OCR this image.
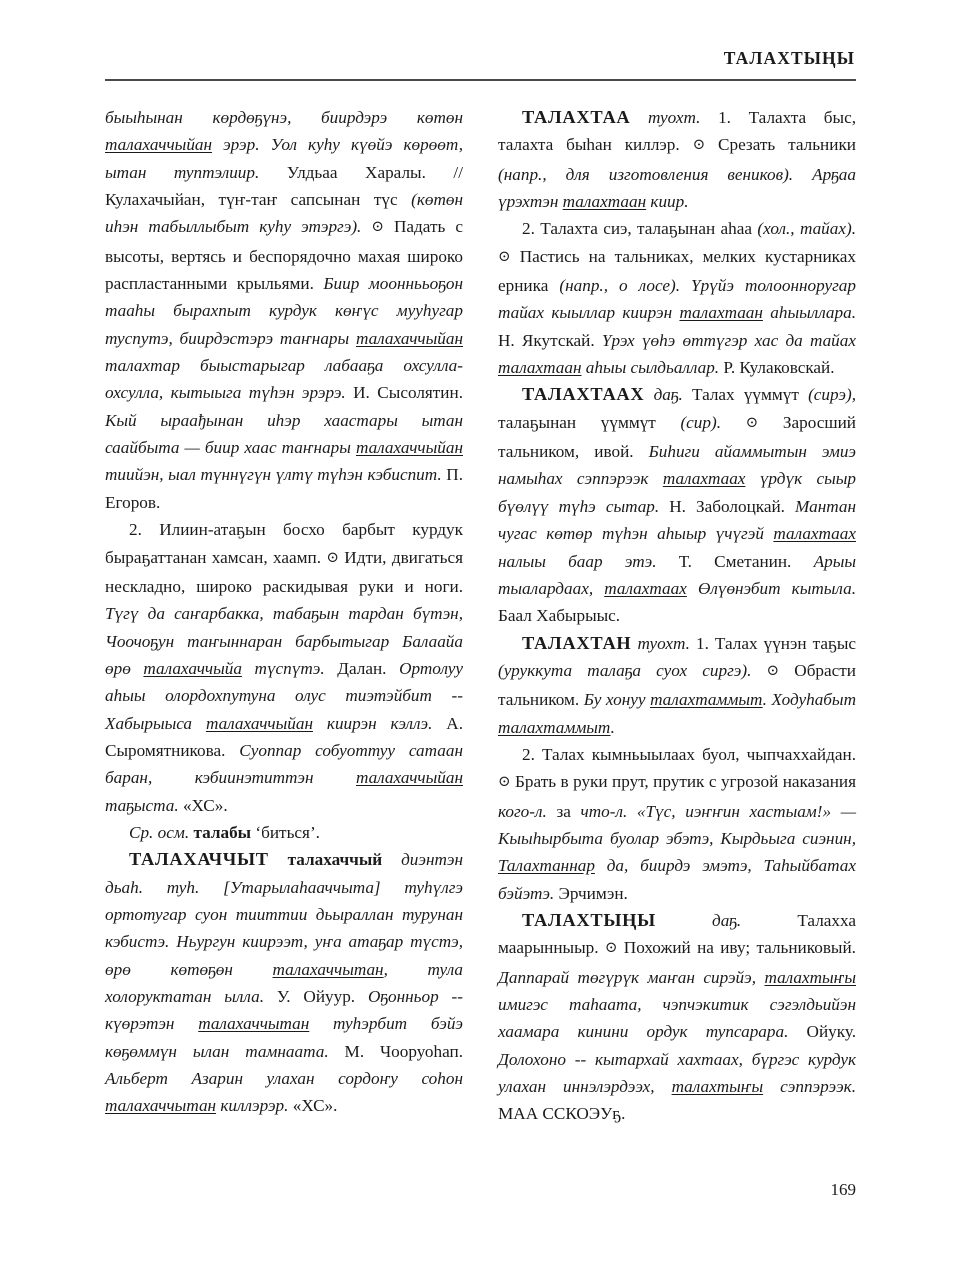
ТАЛАХТЫҢЫ

быыһынан көрдөҕүнэ, биирдэрэ көтөн талахаччыйан эрэр. Уол куһу күөйэ көрөөт, ытан туптэлиир. Улдьаа Харалы. // Кулахачыйан, түҥ-таҥ сапсынан түс (көтөн иһэн табыллыбыт куһу этэргэ). ⊙ Падать с высоты, вертясь и беспорядочно махая широко распластанными крыльями. Биир мооннььоҕон тааһы бырахпыт курдук көҥүс мууһугар туспутэ, биирдэстэрэ таҥнары талахаччыйан талахтар быыстарыгар лабааҕа охсулла-охсулла, кытыыга түһэн эрэрэ. И. Сысолятин. Кый ыраађынан иһэр хаастары ытан саайбыта — биир хаас таҥнары талахаччыйан тиийэн, ыал түннүгүн үлтү түһэн кэбиспит. П. Егоров.

2. Илиин-атаҕын босхо барбыт курдук быраҕаттанан хамсан, хаамп. ⊙ Идти, двигаться нескладно, широко раскидывая руки и ноги. Түгү да саҥарбакка, табаҕын тардан бүтэн, Чоочоҕун таҥыннаран барбытыгар Балаайа өрө талахаччыйа түспүтэ. Далан. Ортолуу аһыы олордохпутуна олус тиэтэйбит -- Хабырыыса талахаччыйан киирэн кэллэ. А. Сыромятникова. Суоппар собуоттуу сатаан баран, кэбиинэтиттэн талахаччыйан таҕыста. «ХС».

Ср. осм. талабы ‘биться’.

ТАЛАХАЧЧЫТ талахаччый диэнтэн дьаһ. туһ. [Утарылаһааччыта] туһүлгэ ортотугар суон тииттии дьыраллан турунан кэбистэ. Ньургун киирээт, уҥа атаҕар түстэ, өрө көтөҕөн талахаччытан, тула холоруктатан ылла. У. Ойуур. Оҕонньор -- күөрэтэн талахаччытан туһэрбит бэйэ көҕөммүн ылан тамнаата. М. Чооруоһап. Альберт Азарин улахан сордоҥу соһон талахаччытан киллэрэр. «ХС».

ТАЛАХТАА туохт. 1. Талахта быс, талахта быһан киллэр. ⊙ Срезать тальники (напр., для изготовления веников). Арҕаа үрэхтэн талахтаан киир.

2. Талахта сиэ, талаҕынан аһаа (хол., тайах). ⊙ Пастись на тальниках, мелких кустарниках ерника (напр., о лосе). Үрүйэ толоонноругар тайах кыыллар киирэн талахтаан аһыыллара. Н. Якутскай. Үрэх үөһэ өттүгэр хас да тайах талахтаан аһыы сылдьаллар. Р. Кулаковскай.

ТАЛАХТААХ даҕ. Талах үүммүт (сирэ), талаҕынан үүммүт (сир). ⊙ Заросший тальником, ивой. Биһиги айаммытын эмиэ намыһах сэппэрээк талахтаах үрдүк сыыр бүөлүү түһэ сытар. Н. Заболоцкай. Мантан чугас көтөр түһэн аһыыр үчүгэй талахтаах налыы баар этэ. Т. Сметанин. Арыы тыалардаах, талахтаах Өлүөнэбит кытыла. Баал Хабырыыс.

ТАЛАХТАН туохт. 1. Талах үүнэн таҕыс (уруккута талаҕа суох сиргэ). ⊙ Обрасти тальником. Бу хонуу талахтаммыт. Ходуһабыт талахтаммыт.

2. Талах кымньыылаах буол, чыпчаххайдан. ⊙ Брать в руки прут, прутик с угрозой наказания кого-л. за что-л. «Түс, иэҥҥин хастыам!» — Кыыһырбыта буолар эбэтэ, Кырдьыга сиэнин, Талахтаннар да, биирдэ эмэтэ, Таһыйбатах бэйэтэ. Эрчимэн.

ТАЛАХТЫҢЫ	даҕ. Талахха маарынныыр. ⊙ Похожий на иву; тальниковый. Даппарай төгүрүк маҥан сирэйэ, талахтыҥы имигэс таһаата, чэпчэкитик сэгэлдьийэн хаамара кинини ордук тупсарара. Ойуку. Долохоно -- кытархай хахтаах, бүргэс курдук улахан иннэлэрдээх, талахтыҥы сэппэрээк. МАА ССКОЭУҕ.

169
